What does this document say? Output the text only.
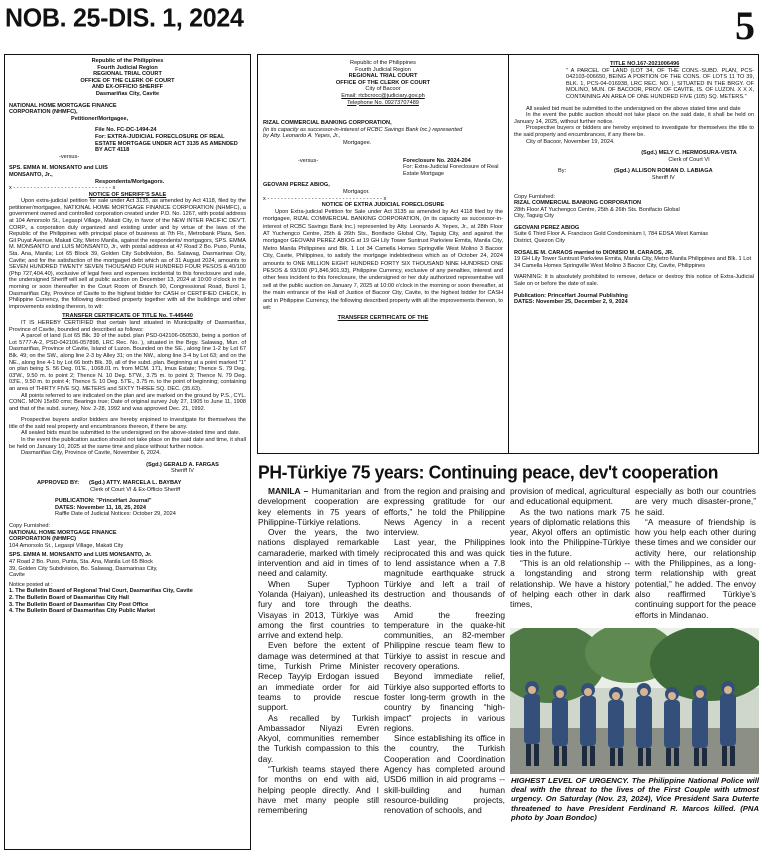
NOB. 25-DIS. 1, 2024	5
Republic of the Philippines
Fourth Judicial Region
REGIONAL TRIAL COURT
OFFICE OF THE CLERK OF COURT
AND EX-OFFICIO SHERIFF
Dasmariñas City, Cavite
NATIONAL HOME MORTGAGE FINANCE CORPORATION (NHMFC),
Petitioner/Mortgagee,
File No. FC-DC-1494-24
For: EXTRA-JUDICIAL FORECLOSURE OF REAL ESTATE MORTGAGE UNDER ACT 3135 AS AMENDED BY ACT 4118
-versus-
SPS. EMMA M. MONSANTO and LUIS MONSANTO, Jr.,
Respondents/Mortgagors.
x - - - - - - - - - - - - - - - - - - - - - - - - - - - - - x
NOTICE OF SHERIFF'S SALE

Upon extra-judicial petition for sale under Act 3135, as amended by Act 4118, filed by the petitioner/mortgagee, NATIONAL HOME MORTGAGE FINANCE CORPORATION (NHMFC), a government owned and controlled corporation created under P.D. No. 1267, with postal address at 104 Amorsolo St., Legaspi Village, Makati City, in favor of the NEW INTER PACIFIC DEV'T. CORP., a corporation duly organized and existing under and by virtue of the laws of the Republic of the Philippines with principal place of business at 7th Flr., Metrobank Plaza, Sen. Gil Puyat Avenue, Makati City, Metro Manila, against the respondents/ mortgagors, SPS. EMMA M. MONSANTO and LUIS MONSANTO, Jr., with postal address at 47 Road 2 Bo. Puso, Punta, Sta. Ana, Manila; Lot 65 Block 39, Golden City Subdivision, Bo. Salawag, Dasmarinas City, Cavite; and for the satisfaction of the mortgaged debt which as of 31 August 2024, amounts to SEVEN HUNDRED TWENTY SEVEN THOUSAND FOUR HUNDRED FOUR PESOS & 40/100 (Php 727,404.40), exclusive of legal fees and expenses incidental to this foreclosure and sale, the undersigned Sheriff will sell at public auction on December 13, 2024 at 10:00 o'clock in the morning or soon thereafter in the Court Room of Branch 90, Congressional Road, Burol 1, Dasmariñas City, Province of Cavite to the highest bidder for CASH or CERTIFIED CHECK, in Philippine Currency, the following described property together with all the buildings and other improvements existing thereon, to wit:

TRANSFER CERTIFICATE OF TITLE No. T-445440

IT IS HEREBY CERTIFIED that certain land situated in Municipality of Dasmariñas, Province of Cavite, bounded and described as follows:

A parcel of land (Lot 65 Blk. 39 of the subd. plan PSD-042106-050530, being a portion of Lot 5777-A-2, PSD-042106-057898, LRC Rec. No. ), situated in the Brgy. Salawag, Mun. of Dasmariñas, Province of Cavite, Island of Luzon. Bounded on the SE., along line 1-2 by Lot 67 Blk. 49; on the SW., along line 2-3 by Alley 31; on the NW., along line 3-4 by Lot 63; and on the NE., along line 4-1 by Lot 66 both Blk. 39, all of the subd. plan. Beginning at a point marked "1" on plan being S. 56 Deg. 01'E., 1068.01 m. from MCM. 171, Imus Estate; Thence S. 79 Deg. 03'W., 9.50 m. to point 2; Thence N. 10 Deg. 57'W., 3.75 m. to point 3; Thence N. 79 Deg. 03'E., 9.50 m. to point 4; Thence S. 10 Deg. 57'E., 3.75 m. to the point of beginning; containing an area of THIRTY FIVE SQ. METERS and SIXTY THREE SQ. DEC. (35.63).

All points referred to are indicated on the plan and are marked on the ground by P.S., CYL. CONC. MON 15x60 cms; Bearings true; Date of original survey July 27, 1905 to June 11, 1908 and that of the subd. survey, Nov. 2-28, 1992 and was approved Dec. 21, 1992.

Prospective buyers and/or bidders are hereby enjoined to investigate for themselves the title of the said real property and encumbrances thereon, if there be any.

All sealed bids must be submitted to the undersigned on the above-stated time and date.

In the event the publication auction should not take place on the said date and time, it shall be held on January 10, 2025 at the same time and place without further notice.

Dasmariñas City, Province of Cavite, November 6, 2024.

(Sgd.) GERALD A. FARGAS
Sheriff IV
APPROVED BY:	(Sgd.) ATTY. MARCELA L. BAYBAY
Clerk of Court VI & Ex-Officio Sheriff
PUBLICATION: "PrinceHart Journal"
DATES: November 11, 18, 25, 2024
Raffle Date of Judicial Notices: October 29, 2024
Copy Furnished:
NATIONAL HOME MORTGAGE FINANCE CORPORATION (NHMFC)
104 Amorsolo St., Legaspi Village, Makati City
SPS. EMMA M. MONSANTO and LUIS MONSANTO, Jr.
47 Road 2 Bo. Puso, Punta, Sta. Ana, Manila Lot 65 Block 39, Golden City Subdivision, Bo. Salawag, Dasmarinas City, Cavite
Notice posted at :
1. The Bulletin Board of Regional Trial Court, Dasmariñas City, Cavite
2. The Bulletin Board of Dasmariñas City Hall
3. The Bulletin Board of Dasmariñas City Post Office
4. The Bulletin Board of Dasmariñas City Public Market
Republic of the Philippines
Fourth Judicial Region
REGIONAL TRIAL COURT
OFFICE OF THE CLERK OF COURT
City of Bacoor
Email: rtcbcrocc@judiciary.gov.ph
Telephone No. 09273707489
RIZAL COMMERCIAL BANKING CORPORATION,
(in its capacity as successor-in-interest of RCBC Savings Bank Inc.) represented by Atty. Leonardo A. Yepes, Jr.,
Mortgagee.
-versus-	Foreclosure No. 2024-204
For: Extra-Judicial Foreclosure of Real Estate Mortgage
GEOVANI PEREZ ABIOG,
Mortgagor.
x - - - - - - - - - - - - - - - - - - - - - - - - - - - - - - - - - - x
NOTICE OF EXTRA JUDICIAL FORECLOSURE

Upon Extra-judicial Petition for Sale under Act 3135 as amended by Act 4118 filed by the mortgagee, RIZAL COMMERCIAL BANKING CORPORATION, (in its capacity as successor-in-interest of RCBC Savings Bank Inc.) represented by Atty. Leonardo A. Yepes, Jr., at 28th Floor AT Yuchengco Centre, 25th & 26th Sts., Bonifacio Global City, Taguig City, and against the mortgagor GEOVANI PEREZ ABIOG at 19 GH Lily Tower Suntrust Parkview Ermita, Manila City, Metro Manila Philippines and Blk. 1 Lot 34 Camella Homes Springville West Molino 3 Bacoor City, Cavite, Philippines, to satisfy the mortgage indebtedness which as of October 24, 2024 amounts to ONE MILLION EIGHT HUNDRED FORTY SIX THOUSAND NINE HUNDRED ONE PESOS & 93/100 (P1,846,901.93), Philippine Currency, exclusive of any penalties, interest and other fees incident to this foreclosure, the undersigned or her duly authorized representative will sell at the public auction on January 7, 2025 at 10:00 o'clock in the morning or soon thereafter, at the main entrance of the Hall of Justice of Bacoor City, Cavite, to the highest bidder for CASH and in Philippine Currency, the following described property with all the improvements thereon, to wit:

TRANSFER CERTIFICATE OF THE
TITLE NO.167-2021006496

" A PARCEL OF LAND (LOT 34, OF THE CONS.-SUBD. PLAN, PCS-042103-006650, BEING A PORTION OF THE CONS. OF LOTS 11 TO 39, BLK. 1, PCS-04-016938, LRC REC. NO. ), SITUATED IN THE BRGY. OF MOLINO, MUN. OF BACOOR, PROV. OF CAVITE, IS. OF LUZON. X X X, CONTAINING AN AREA OF ONE HUNDRED FIVE (105) SQ. METERS."

All sealed bid must be submitted to the undersigned on the above stated time and date

In the event the public auction should not take place on the said date, it shall be held on January 14, 2025, without further notice.

Prospective buyers or bidders are hereby enjoined to investigate for themselves the title to the said property and encumbrances, if any there be.

City of Bacoor, November 19, 2024.

(Sgd.) MELY C. HERMOSURA-VISTA
Clerk of Court VI
By:	(Sgd.) ALLISON ROMAN D. LABIAGA
Sheriff IV
Copy Furnished:
RIZAL COMMERCIAL BANKING CORPORATION
28th Floor AT Yuchengco Centre, 25th & 26th Sts. Bonifacio Global City, Taguig City
GEOVANI PEREZ ABIOG
Suite 6 Third Floor A. Francisco Gold Condominium I, 784 EDSA West Kamias District, Quezon City
ROSALIE M. CARAOS married to DIONISIO M. CARAOS, JR.
19 GH Lily Tower Suntrust Parkview Ermita, Manila City, Metro Manila Philippines and Blk. 1 Lot 34 Camella Homes Springville West Molino 3 Bacoor City, Cavite, Philippines

WARNING: It is absolutely prohibited to remove, deface or destroy this notice of Extra-Judicial Sale on or before the date of sale.

Publication: PrinceHart Journal Publishing
DATES: November 25, December 2, 9, 2024
PH-Türkiye 75 years: Continuing peace, dev't cooperation

MANILA – Humanitarian and development cooperation are key elements in 75 years of Philippine-Türkiye relations.

Over the years, the two nations displayed remarkable camaraderie, marked with timely intervention and aid in times of need and calamity.

When Super Typhoon Yolanda (Haiyan), unleashed its fury and tore through the Visayas in 2013, Türkiye was among the first countries to arrive and extend help.

Even before the extent of damage was determined at that time, Turkish Prime Minister Recep Tayyip Erdogan issued an immediate order for aid teams to provide rescue support.

As recalled by Turkish Ambassador Niyazi Evren Akyol, communities remember the Turkish compassion to this day.

“Turkish teams stayed there for months on end with aid, helping people directly. And I have met many people still remembering

from the region and praising and expressing gratitude for our efforts,” he told the Philippine News Agency in a recent interview.

Last year, the Philippines reciprocated this and was quick to lend assistance when a 7.8 magnitude earthquake struck Türkiye and left a trail of destruction and thousands of deaths.

Amid the freezing temperature in the quake-hit communities, an 82-member Philippine rescue team flew to Türkiye to assist in rescue and recovery operations.

Beyond immediate relief, Türkiye also supported efforts to foster long-term growth in the country by financing “high-impact” projects in various regions.

Since establishing its office in the country, the Turkish Cooperation and Coordination Agency has completed around USD6 million in aid programs -- skill-building and human resource-building projects, renovation of schools, and

provision of medical, agricultural and educational equipment.

As the two nations mark 75 years of diplomatic relations this year, Akyol offers an optimistic look into the Philippine-Türkiye ties in the future.

“This is an old relationship -- a longstanding and strong relationship. We have a history of helping each other in dark times,

especially as both our countries are very much disaster-prone,” he said.

“A measure of friendship is how you help each other during these times and we consider our activity here, our relationship with the Philippines, as a long-term relationship with great potential,” he added. The envoy also reaffirmed Türkiye’s continuing support for the peace efforts in Mindanao.

HIGHEST LEVEL OF URGENCY. The Philippine National Police will deal with the threat to the lives of the First Couple with utmost urgency. On Saturday (Nov. 23, 2024), Vice President Sara Duterte threatened to have President Ferdinand R. Marcos killed. (PNA photo by Joan Bondoc)
